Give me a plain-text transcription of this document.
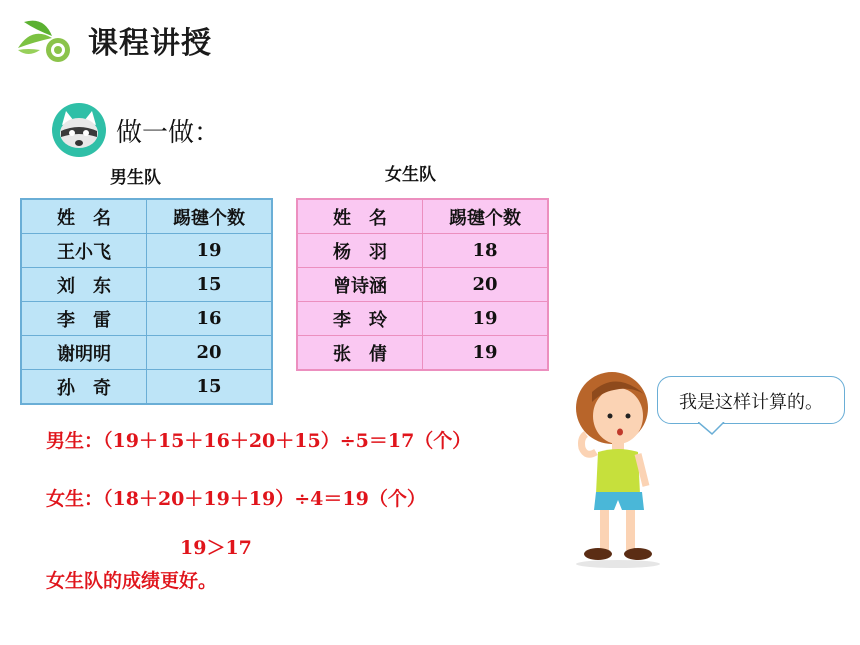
课程讲授
做一做：
男生队	女生队
姓　名	踢毽个数
王小飞	19
刘　东	15
李　雷	16
谢明明	20
孙　奇	15
姓　名	踢毽个数
杨　羽	18
曾诗涵	20
李　玲	19
张　倩	19
男生：（19＋15＋16＋20＋15）÷5＝17（个）
女生：（18＋20＋19＋19）÷4＝19（个）
19＞17
女生队的成绩更好。
我是这样计算的。
